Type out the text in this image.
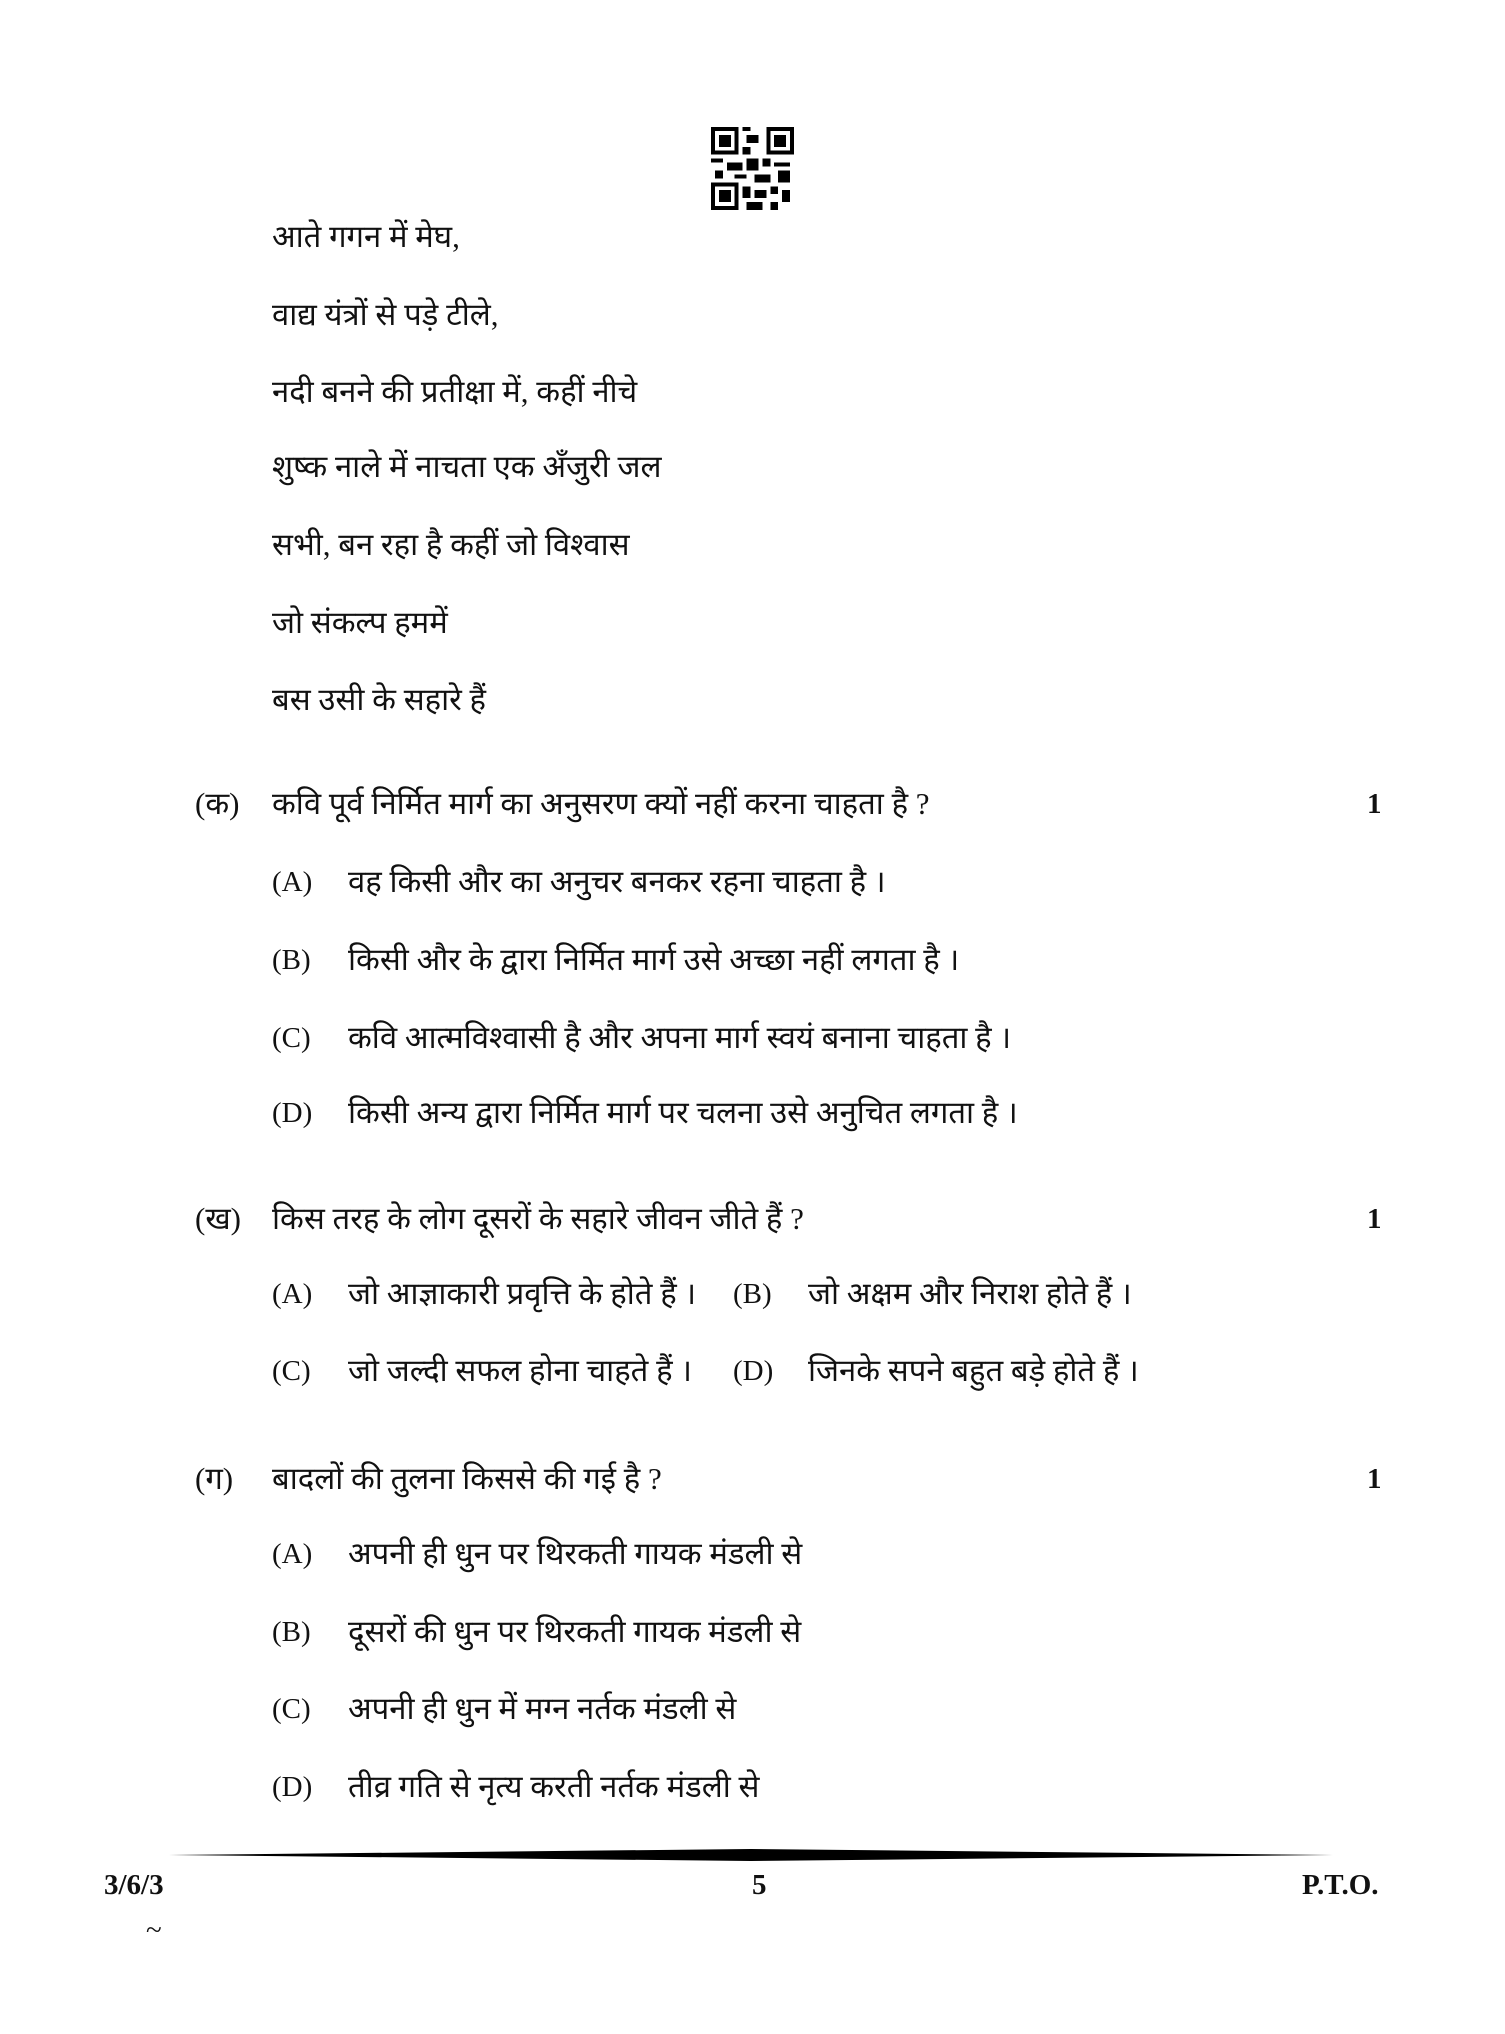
आते गगन में मेघ,
वाद्य यंत्रों से पड़े टीले,
नदी बनने की प्रतीक्षा में, कहीं नीचे
शुष्क नाले में नाचता एक अँजुरी जल
सभी, बन रहा है कहीं जो विश्वास
जो संकल्प हममें
बस उसी के सहारे हैं
(क) कवि पूर्व निर्मित मार्ग का अनुसरण क्यों नहीं करना चाहता है ?	1
(A) वह किसी और का अनुचर बनकर रहना चाहता है ।
(B) किसी और के द्वारा निर्मित मार्ग उसे अच्छा नहीं लगता है ।
(C) कवि आत्मविश्वासी है और अपना मार्ग स्वयं बनाना चाहता है ।
(D) किसी अन्य द्वारा निर्मित मार्ग पर चलना उसे अनुचित लगता है ।
(ख) किस तरह के लोग दूसरों के सहारे जीवन जीते हैं ?	1
(A) जो आज्ञाकारी प्रवृत्ति के होते हैं । (B) जो अक्षम और निराश होते हैं ।
(C) जो जल्दी सफल होना चाहते हैं । (D) जिनके सपने बहुत बड़े होते हैं ।
(ग) बादलों की तुलना किससे की गई है ?	1
(A) अपनी ही धुन पर थिरकती गायक मंडली से
(B) दूसरों की धुन पर थिरकती गायक मंडली से
(C) अपनी ही धुन में मग्न नर्तक मंडली से
(D) तीव्र गति से नृत्य करती नर्तक मंडली से
3/6/3	5	P.T.O.
~
